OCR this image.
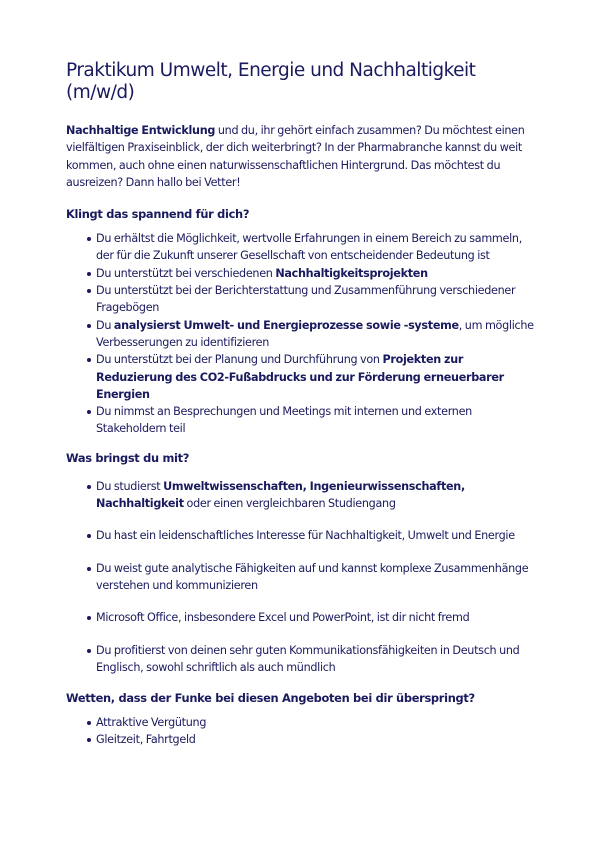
Praktikum Umwelt, Energie und Nachhaltigkeit (m/w/d)

Nachhaltige Entwicklung und du, ihr gehört einfach zusammen? Du möchtest einen vielfältigen Praxiseinblick, der dich weiterbringt? In der Pharmabranche kannst du weit kommen, auch ohne einen naturwissenschaftlichen Hintergrund. Das möchtest du ausreizen? Dann hallo bei Vetter!

Klingt das spannend für dich?
Du erhältst die Möglichkeit, wertvolle Erfahrungen in einem Bereich zu sammeln, der für die Zukunft unserer Gesellschaft von entscheidender Bedeutung ist
Du unterstützt bei verschiedenen Nachhaltigkeitsprojekten
Du unterstützt bei der Berichterstattung und Zusammenführung verschiedener Fragebögen
Du analysierst Umwelt- und Energieprozesse sowie -systeme, um mögliche Verbesserungen zu identifizieren
Du unterstützt bei der Planung und Durchführung von Projekten zur Reduzierung des CO2-Fußabdrucks und zur Förderung erneuerbarer Energien
Du nimmst an Besprechungen und Meetings mit internen und externen Stakeholdern teil
Was bringst du mit?
Du studierst Umweltwissenschaften, Ingenieurwissenschaften, Nachhaltigkeit oder einen vergleichbaren Studiengang
Du hast ein leidenschaftliches Interesse für Nachhaltigkeit, Umwelt und Energie
Du weist gute analytische Fähigkeiten auf und kannst komplexe Zusammenhänge verstehen und kommunizieren
Microsoft Office, insbesondere Excel und PowerPoint, ist dir nicht fremd
Du profitierst von deinen sehr guten Kommunikationsfähigkeiten in Deutsch und Englisch, sowohl schriftlich als auch mündlich
Wetten, dass der Funke bei diesen Angeboten bei dir überspringt?
Attraktive Vergütung
Gleitzeit, Fahrtgeld
